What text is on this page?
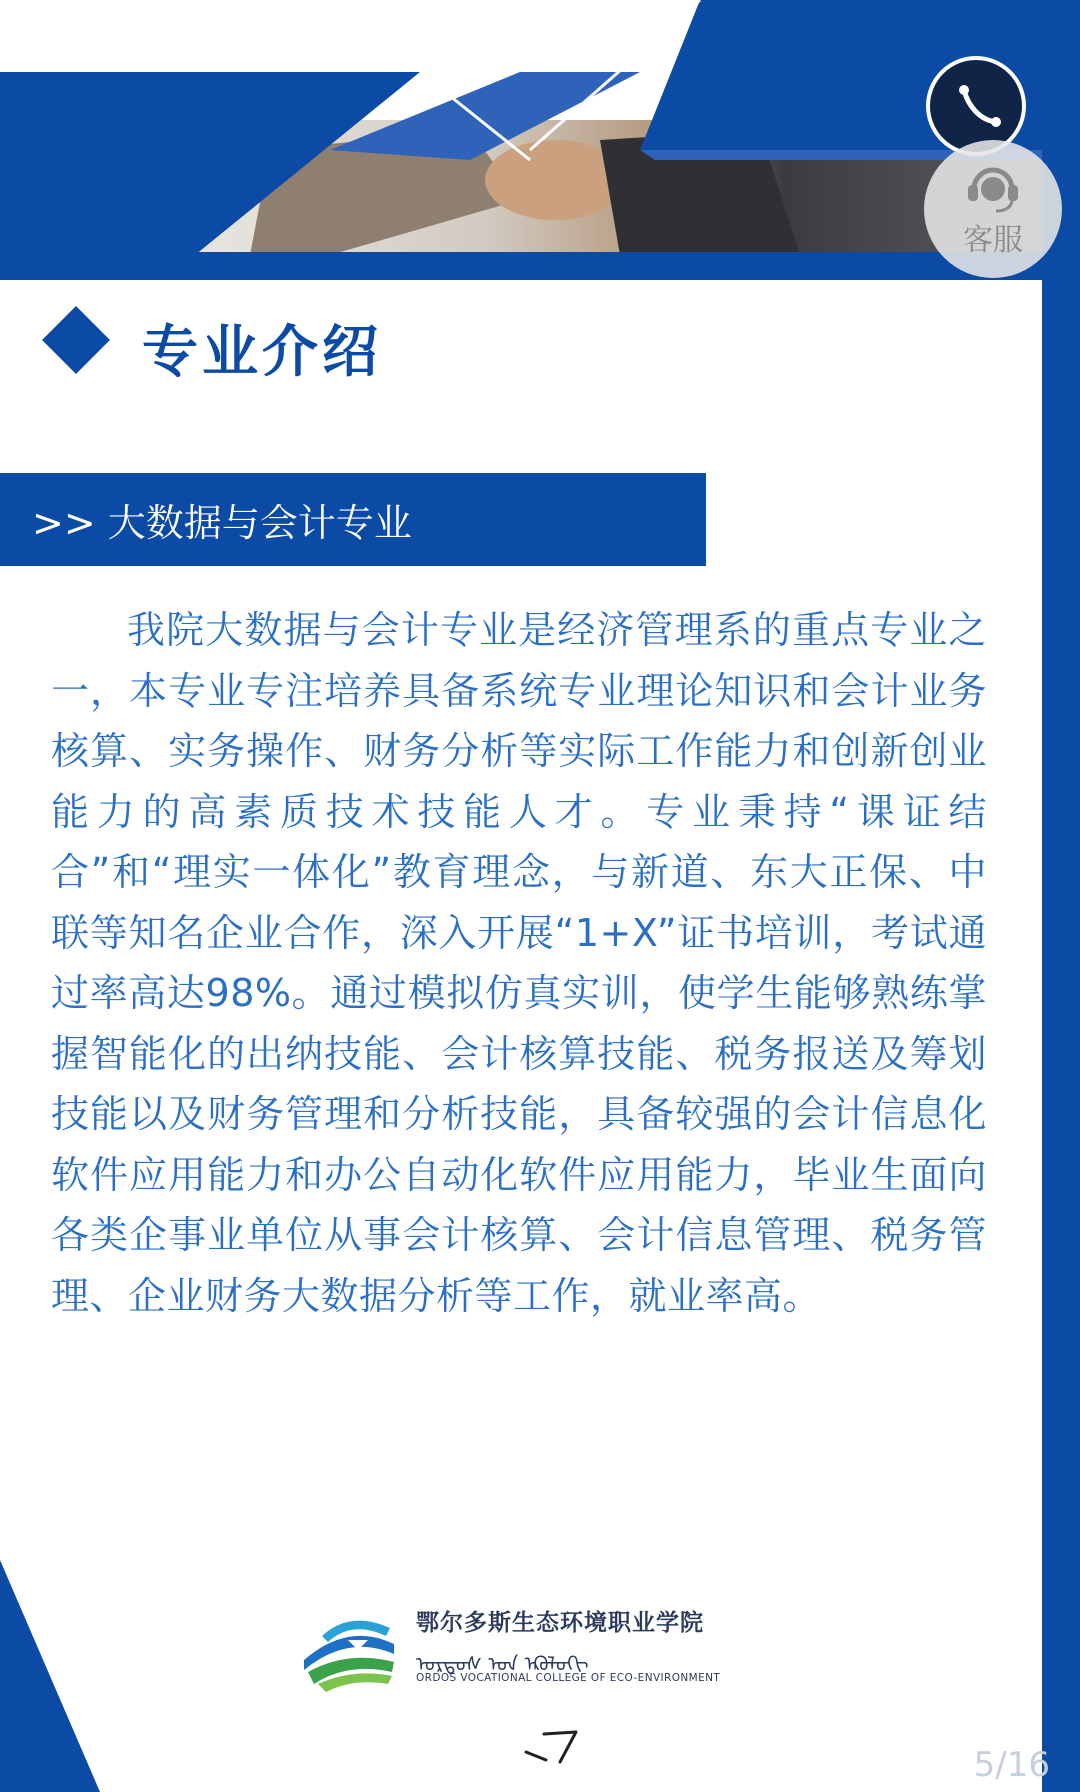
客服
专业介绍
>> 大数据与会计专业

我院大数据与会计专业是经济管理系的重点专业之一，本专业专注培养具备系统专业理论知识和会计业务核算、实务操作、财务分析等实际工作能力和创新创业能力的高素质技术技能人才。专业秉持“课证结合”和“理实一体化”教育理念，与新道、东大正保、中联等知名企业合作，深入开展“1+X”证书培训，考试通过率高达98%。通过模拟仿真实训，使学生能够熟练掌握智能化的出纳技能、会计核算技能、税务报送及筹划技能以及财务管理和分析技能，具备较强的会计信息化软件应用能力和办公自动化软件应用能力，毕业生面向各类企事业单位从事会计核算、会计信息管理、税务管理、企业财务大数据分析等工作，就业率高。

鄂尔多斯生态环境职业学院
ᠣᠷᠳᠣᠰ ᠤᠨ ᠡᠺᠣᠯᠣᠭᠢ
ORDOS VOCATIONAL COLLEGE OF ECO-ENVIRONMENT
5/16
